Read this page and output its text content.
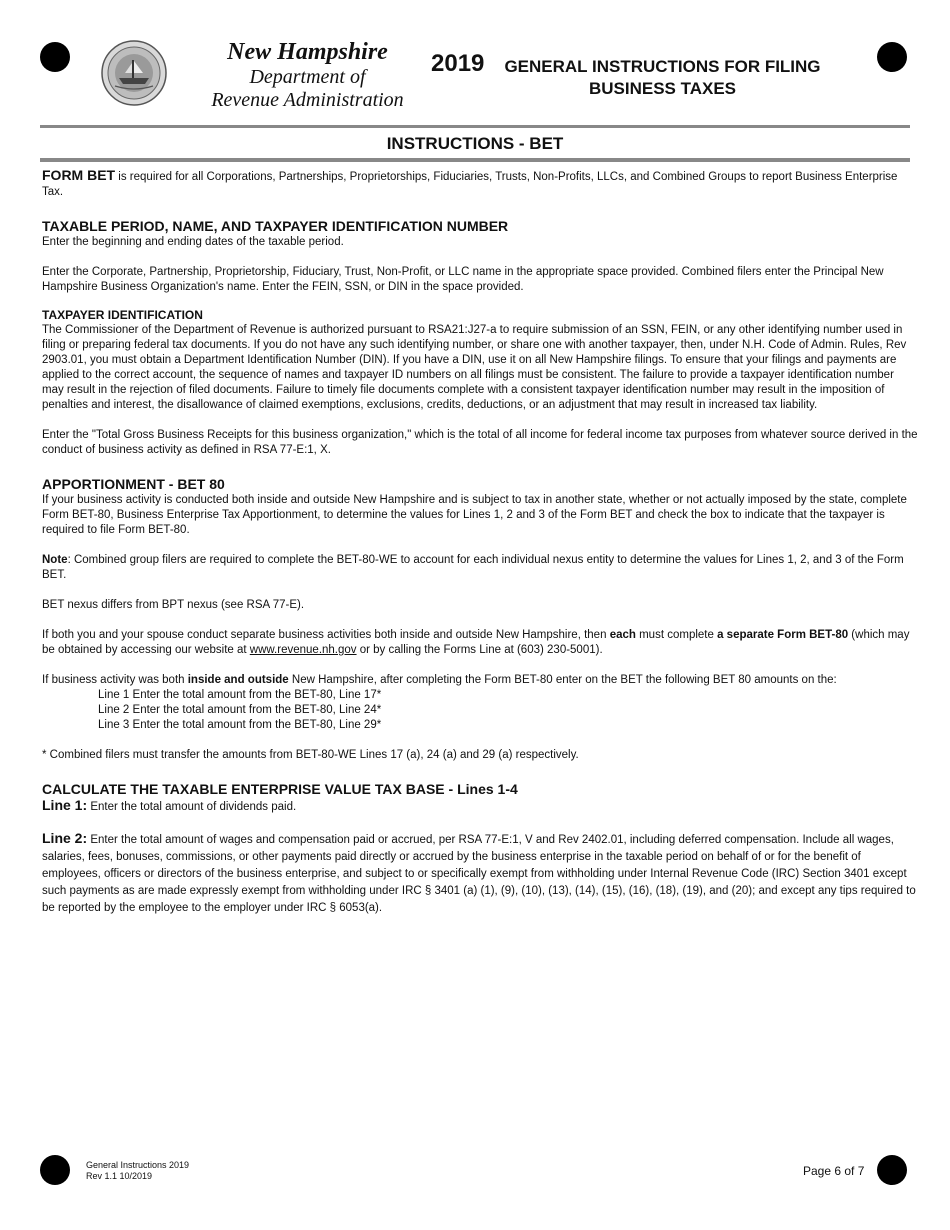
New Hampshire
Department of
Revenue Administration
2019 GENERAL INSTRUCTIONS FOR FILING
BUSINESS TAXES
INSTRUCTIONS - BET

FORM BET is required for all Corporations, Partnerships, Proprietorships, Fiduciaries, Trusts, Non-Profits, LLCs, and Combined Groups to report Business Enterprise Tax.

TAXABLE PERIOD, NAME, AND TAXPAYER IDENTIFICATION NUMBER

Enter the beginning and ending dates of the taxable period.

Enter the Corporate, Partnership, Proprietorship, Fiduciary, Trust, Non-Profit, or LLC name in the appropriate space provided. Combined filers enter the Principal New Hampshire Business Organization's name. Enter the FEIN, SSN, or DIN in the space provided.

TAXPAYER IDENTIFICATION

The Commissioner of the Department of Revenue is authorized pursuant to RSA21:J27-a to require submission of an SSN, FEIN, or any other identifying number used in filing or preparing federal tax documents. If you do not have any such identifying number, or share one with another taxpayer, then, under N.H. Code of Admin. Rules, Rev 2903.01, you must obtain a Department Identification Number (DIN). If you have a DIN, use it on all New Hampshire filings. To ensure that your filings and payments are applied to the correct account, the sequence of names and taxpayer ID numbers on all filings must be consistent. The failure to provide a taxpayer identification number may result in the rejection of filed documents. Failure to timely file documents complete with a consistent taxpayer identification number may result in the imposition of penalties and interest, the disallowance of claimed exemptions, exclusions, credits, deductions, or an adjustment that may result in increased tax liability.

Enter the "Total Gross Business Receipts for this business organization," which is the total of all income for federal income tax purposes from whatever source derived in the conduct of business activity as defined in RSA 77-E:1, X.

APPORTIONMENT - BET 80

If your business activity is conducted both inside and outside New Hampshire and is subject to tax in another state, whether or not actually imposed by the state, complete Form BET-80, Business Enterprise Tax Apportionment, to determine the values for Lines 1, 2 and 3 of the Form BET and check the box to indicate that the taxpayer is required to file Form BET-80.

Note: Combined group filers are required to complete the BET-80-WE to account for each individual nexus entity to determine the values for Lines 1, 2, and 3 of the Form BET.

BET nexus differs from BPT nexus (see RSA 77-E).

If both you and your spouse conduct separate business activities both inside and outside New Hampshire, then each must complete a separate Form BET-80 (which may be obtained by accessing our website at www.revenue.nh.gov or by calling the Forms Line at (603) 230-5001).

If business activity was both inside and outside New Hampshire, after completing the Form BET-80 enter on the BET the following BET 80 amounts on the:

Line 1 Enter the total amount from the BET-80, Line 17*

Line 2 Enter the total amount from the BET-80, Line 24*

Line 3 Enter the total amount from the BET-80, Line 29*

* Combined filers must transfer the amounts from BET-80-WE Lines 17 (a), 24 (a) and 29 (a) respectively.

CALCULATE THE TAXABLE ENTERPRISE VALUE TAX BASE - Lines 1-4

Line 1: Enter the total amount of dividends paid.

Line 2: Enter the total amount of wages and compensation paid or accrued, per RSA 77-E:1, V and Rev 2402.01, including deferred compensation. Include all wages, salaries, fees, bonuses, commissions, or other payments paid directly or accrued by the business enterprise in the taxable period on behalf of or for the benefit of employees, officers or directors of the business enterprise, and subject to or specifically exempt from withholding under Internal Revenue Code (IRC) Section 3401 except such payments as are made expressly exempt from withholding under IRC § 3401 (a) (1), (9), (10), (13), (14), (15), (16), (18), (19), and (20); and except any tips required to be reported by the employee to the employer under IRC § 6053(a).

General Instructions 2019
Rev 1.1 10/2019	Page 6 of 7
